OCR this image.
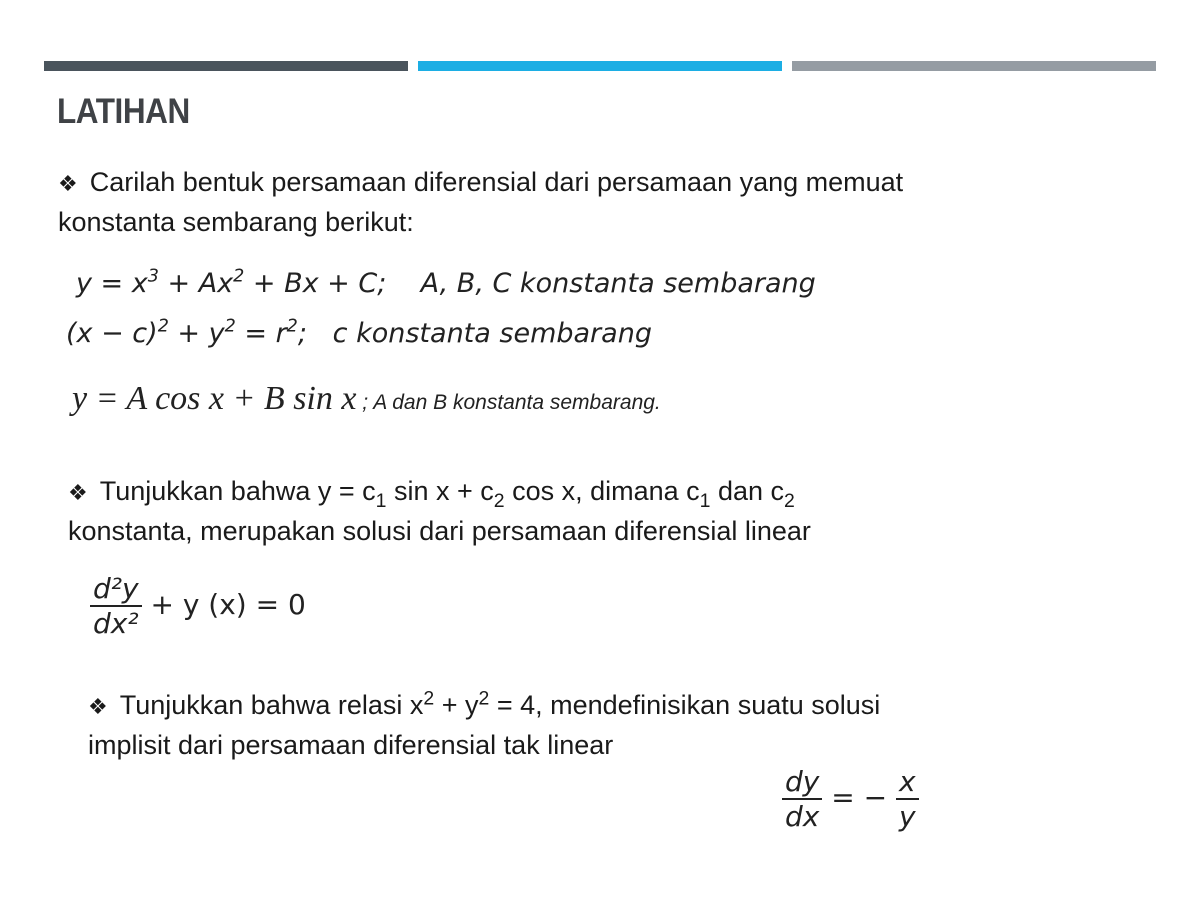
LATIHAN
❖ Carilah bentuk persamaan diferensial dari persamaan yang memuat
konstanta sembarang berikut:
$y = x^3 + Ax^2 + Bx + C$;    A, B, C konstanta sembarang
$(x - c)^2 + y^2 = r^2$;   c konstanta sembarang
y = A cos x + B sin x ; A dan B konstanta sembarang.
❖ Tunjukkan bahwa $y = c_1$ $\sin x + c_2$ cos x, dimana $c_1$ dan $c_2$
konstanta, merupakan solusi dari persamaan diferensial linear
$\frac{\text{d²y}}{\text{dx²}} + y$ (x) = 0
❖ Tunjukkan bahwa relasi $x^2 + y^2 = 4$, mendefinisikan suatu solusi
implisit dari persamaan diferensial tak linear
$\frac{dy}{dx}$ = − $\frac{x}{y}$
